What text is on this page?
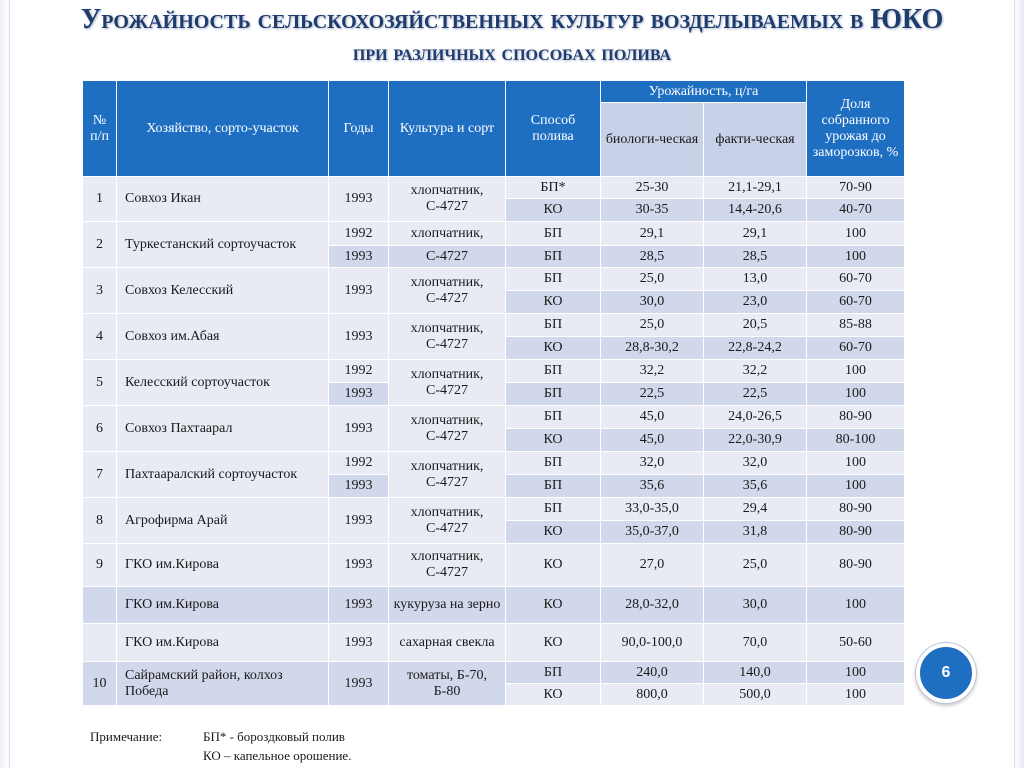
Урожайность сельскохозяйственных культур возделываемых в ЮКО
при различных способах полива
№ п/п	Хозяйство, сорто-участок	Годы	Культура и сорт	Способ полива	Урожайность, ц/га		Доля собранного урожая до заморозков, %
					биологи-ческая	факти-ческая	
1	Совхоз Икан	1993	хлопчатник, С-4727	БП*	25-30	21,1-29,1	70-90
				КО	30-35	14,4-20,6	40-70
2	Туркестанский сортоучасток	1992	хлопчатник,	БП	29,1	29,1	100
		1993	С-4727	БП	28,5	28,5	100
3	Совхоз Келесский	1993	хлопчатник, С-4727	БП	25,0	13,0	60-70
				КО	30,0	23,0	60-70
4	Совхоз им.Абая	1993	хлопчатник, С-4727	БП	25,0	20,5	85-88
				КО	28,8-30,2	22,8-24,2	60-70
5	Келесский сортоучасток	1992	хлопчатник, С-4727	БП	32,2	32,2	100
		1993		БП	22,5	22,5	100
6	Совхоз Пахтаарал	1993	хлопчатник, С-4727	БП	45,0	24,0-26,5	80-90
				КО	45,0	22,0-30,9	80-100
7	Пахтааралский сортоучасток	1992	хлопчатник, С-4727	БП	32,0	32,0	100
		1993		БП	35,6	35,6	100
8	Агрофирма Арай	1993	хлопчатник, С-4727	БП	33,0-35,0	29,4	80-90
				КО	35,0-37,0	31,8	80-90
9	ГКО им.Кирова	1993	хлопчатник, С-4727	КО	27,0	25,0	80-90
	ГКО им.Кирова	1993	кукуруза на зерно	КО	28,0-32,0	30,0	100
	ГКО им.Кирова	1993	сахарная свекла	КО	90,0-100,0	70,0	50-60
10	Сайрамский район, колхоз Победа	1993	томаты, Б-70, Б-80	БП	240,0	140,0	100
				КО	800,0	500,0	100
Примечание:	БП* - бороздковый полив
КО – капельное орошение.
6
